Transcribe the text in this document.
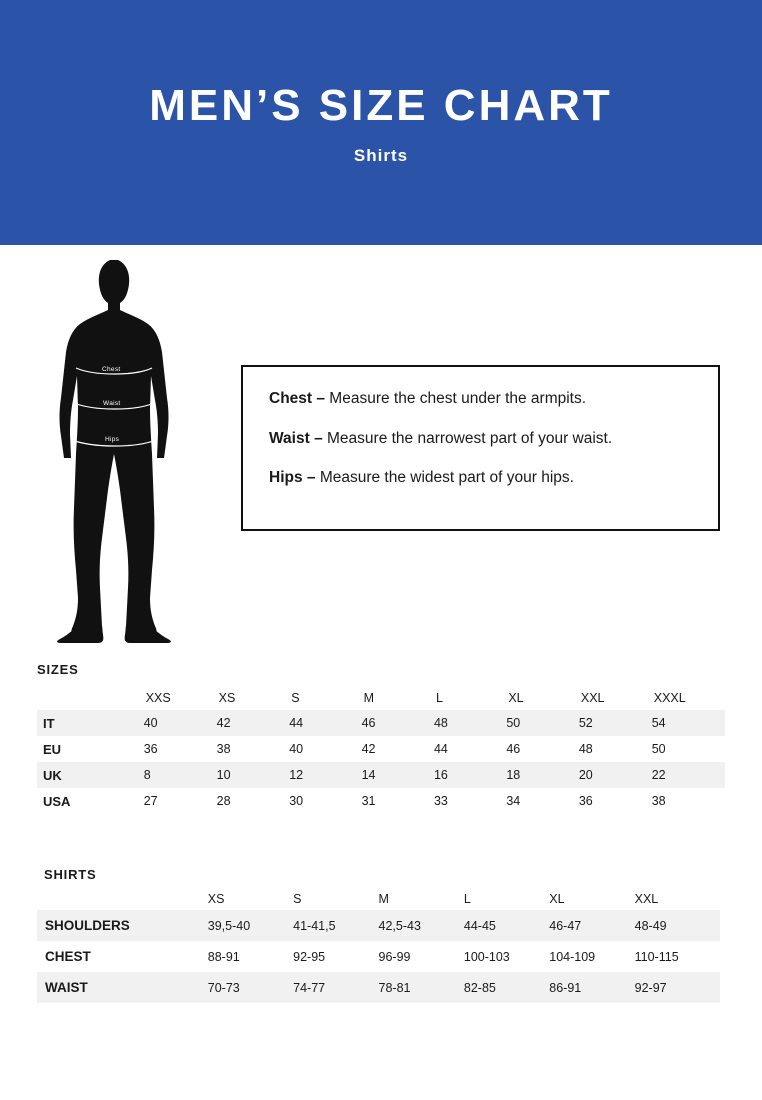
MEN’S SIZE CHART
Shirts
Chest
Waist
Hips
Chest – Measure the chest under the armpits.
Waist – Measure the narrowest part of your waist.
Hips – Measure the widest part of your hips.
SIZES
	XXS	XS	S	M	L	XL	XXL	XXXL
IT	40	42	44	46	48	50	52	54
EU	36	38	40	42	44	46	48	50
UK	8	10	12	14	16	18	20	22
USA	27	28	30	31	33	34	36	38
SHIRTS
	XS	S	M	L	XL	XXL
SHOULDERS	39,5-40	41-41,5	42,5-43	44-45	46-47	48-49
CHEST	88-91	92-95	96-99	100-103	104-109	110-115
WAIST	70-73	74-77	78-81	82-85	86-91	92-97
